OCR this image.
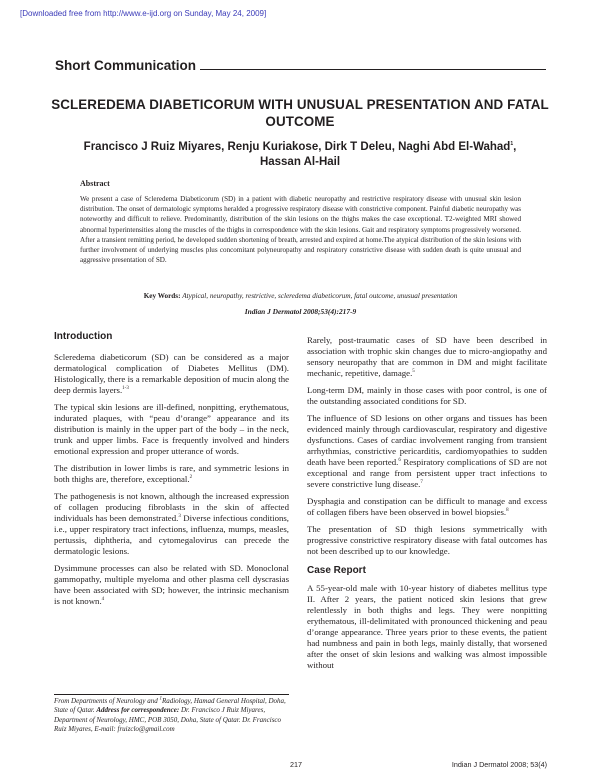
[Downloaded free from http://www.e-ijd.org on Sunday, May 24, 2009]
Short Communication
SCLEREDEMA DIABETICORUM WITH UNUSUAL PRESENTATION AND FATAL OUTCOME
Francisco J Ruiz Miyares, Renju Kuriakose, Dirk T Deleu, Naghi Abd El-Wahad$^1$,
Hassan Al-Hail
Abstract
We present a case of Scleredema Diabeticorum (SD) in a patient with diabetic neuropathy and restrictive respiratory disease with unusual skin lesion distribution. The onset of dermatologic symptoms heralded a progressive respiratory disease with constrictive component. Painful diabetic neuropathy was noteworthy and difficult to relieve. Predominantly, distribution of the skin lesions on the thighs makes the case exceptional. T2-weighted MRI showed abnormal hyperintensities along the muscles of the thighs in correspondence with the skin lesions. Gait and respiratory symptoms progressively worsened. After a transient remitting period, he developed sudden shortening of breath, arrested and expired at home.The atypical distribution of the skin lesions with further involvement of underlying muscles plus concomitant polyneuropathy and respiratory constrictive disease with sudden death is quite unusual and aggressive presentation of SD.
Key Words: Atypical, neuropathy, restrictive, scleredema diabeticorum, fatal outcome, unusual presentation
Indian J Dermatol 2008;53(4):217-9
Introduction

Scleredema diabeticorum (SD) can be considered as a major dermatological complication of Diabetes Mellitus (DM). Histologically, there is a remarkable deposition of mucin along the deep dermis layers.$^{1-3}$

The typical skin lesions are ill-defined, nonpitting, erythematous, indurated plaques, with “peau d’orange” appearance and its distribution is mainly in the upper part of the body – in the neck, trunk and upper limbs. Face is frequently involved and hinders emotional expression and proper utterance of words.

The distribution in lower limbs is rare, and symmetric lesions in both thighs are, therefore, exceptional.$^2$

The pathogenesis is not known, although the increased expression of collagen producing fibroblasts in the skin of affected individuals has been demonstrated.$^3$ Diverse infectious conditions, i.e., upper respiratory tract infections, influenza, mumps, measles, pertussis, diphtheria, and cytomegalovirus can precede the dermatologic lesions.

Dysimmune processes can also be related with SD. Monoclonal gammopathy, multiple myeloma and other plasma cell dyscrasias have been associated with SD; however, the intrinsic mechanism is not known.$^4$

Rarely, post-traumatic cases of SD have been described in association with trophic skin changes due to micro-angiopathy and sensory neuropathy that are common in DM and might facilitate mechanic, repetitive, damage.$^5$

Long-term DM, mainly in those cases with poor control, is one of the outstanding associated conditions for SD.

The influence of SD lesions on other organs and tissues has been evidenced mainly through cardiovascular, respiratory and digestive dysfunctions. Cases of cardiac involvement ranging from transient arrhythmias, constrictive pericarditis, cardiomyopathies to sudden death have been reported.$^6$ Respiratory complications of SD are not exceptional and range from persistent upper tract infections to severe constrictive lung disease.$^7$

Dysphagia and constipation can be difficult to manage and excess of collagen fibers have been observed in bowel biopsies.$^8$

The presentation of SD thigh lesions symmetrically with progressive constrictive respiratory disease with fatal outcomes has not been described up to our knowledge.

Case Report

A 55-year-old male with 10-year history of diabetes mellitus type II. After 2 years, the patient noticed skin lesions that grew relentlessly in both thighs and legs. They were nonpitting erythematous, ill-delimitated with pronounced thickening and peau d’orange appearance. Three years prior to these events, the patient had numbness and pain in both legs, mainly distally, that worsened after the onset of skin lesions and walking was almost impossible without

From Departments of Neurology and $^1$Radiology, Hamad General Hospital, Doha, State of Qatar. Address for correspondence: Dr. Francisco J Ruiz Miyares, Department of Neurology, HMC, POB 3050, Doha, State of Qatar. Dr. Francisco Ruiz Miyares, E-mail: fruizclo@gmail.com
217	Indian J Dermatol 2008; 53(4)
